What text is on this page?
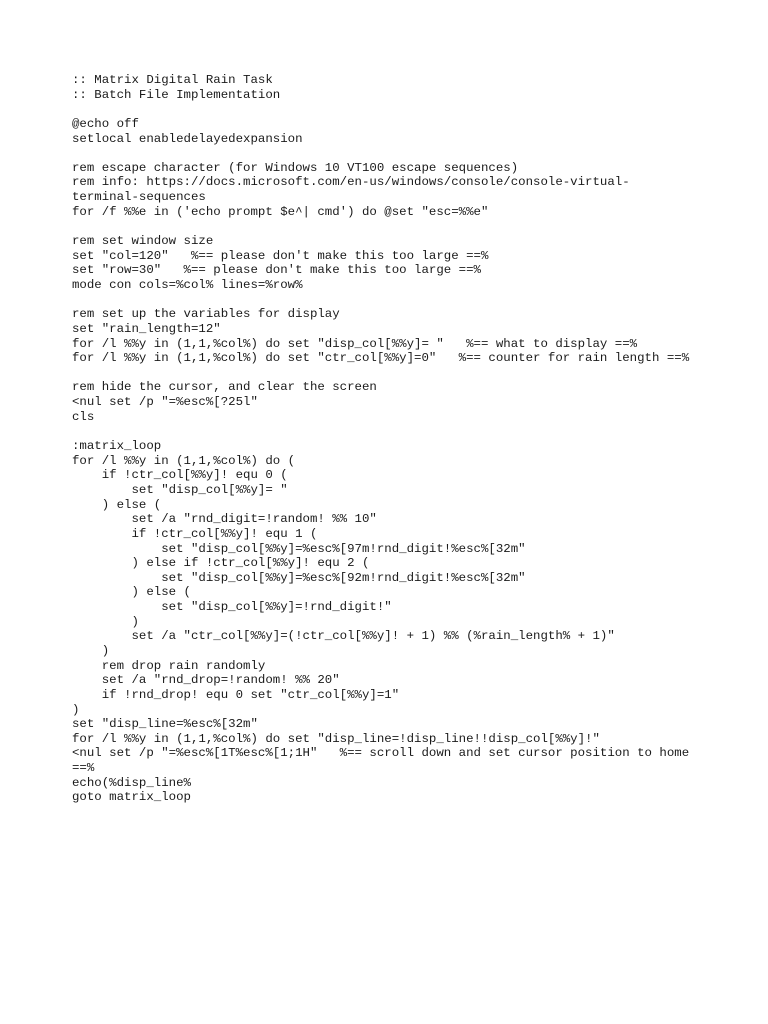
:: Matrix Digital Rain Task
:: Batch File Implementation
@echo off
setlocal enabledelayedexpansion
rem escape character (for Windows 10 VT100 escape sequences)
rem info: https://docs.microsoft.com/en-us/windows/console/console-virtual-
terminal-sequences
for /f %%e in ('echo prompt $e^| cmd') do @set "esc=%%e"
rem set window size
set "col=120"   %== please don't make this too large ==%
set "row=30"   %== please don't make this too large ==%
mode con cols=%col% lines=%row%
rem set up the variables for display
set "rain_length=12"
for /l %%y in (1,1,%col%) do set "disp_col[%%y]= "   %== what to display ==%
for /l %%y in (1,1,%col%) do set "ctr_col[%%y]=0"   %== counter for rain length ==%
rem hide the cursor, and clear the screen
<nul set /p "=%esc%[?25l"
cls
:matrix_loop
for /l %%y in (1,1,%col%) do (
if !ctr_col[%%y]! equ 0 (
set "disp_col[%%y]= "
) else (
set /a "rnd_digit=!random! %% 10"
if !ctr_col[%%y]! equ 1 (
set "disp_col[%%y]=%esc%[97m!rnd_digit!%esc%[32m"
) else if !ctr_col[%%y]! equ 2 (
set "disp_col[%%y]=%esc%[92m!rnd_digit!%esc%[32m"
) else (
set "disp_col[%%y]=!rnd_digit!"
)
set /a "ctr_col[%%y]=(!ctr_col[%%y]! + 1) %% (%rain_length% + 1)"
)
rem drop rain randomly
set /a "rnd_drop=!random! %% 20"
if !rnd_drop! equ 0 set "ctr_col[%%y]=1"
)
set "disp_line=%esc%[32m"
for /l %%y in (1,1,%col%) do set "disp_line=!disp_line!!disp_col[%%y]!"
<nul set /p "=%esc%[1T%esc%[1;1H"   %== scroll down and set cursor position to home
==%
echo(%disp_line%
goto matrix_loop
